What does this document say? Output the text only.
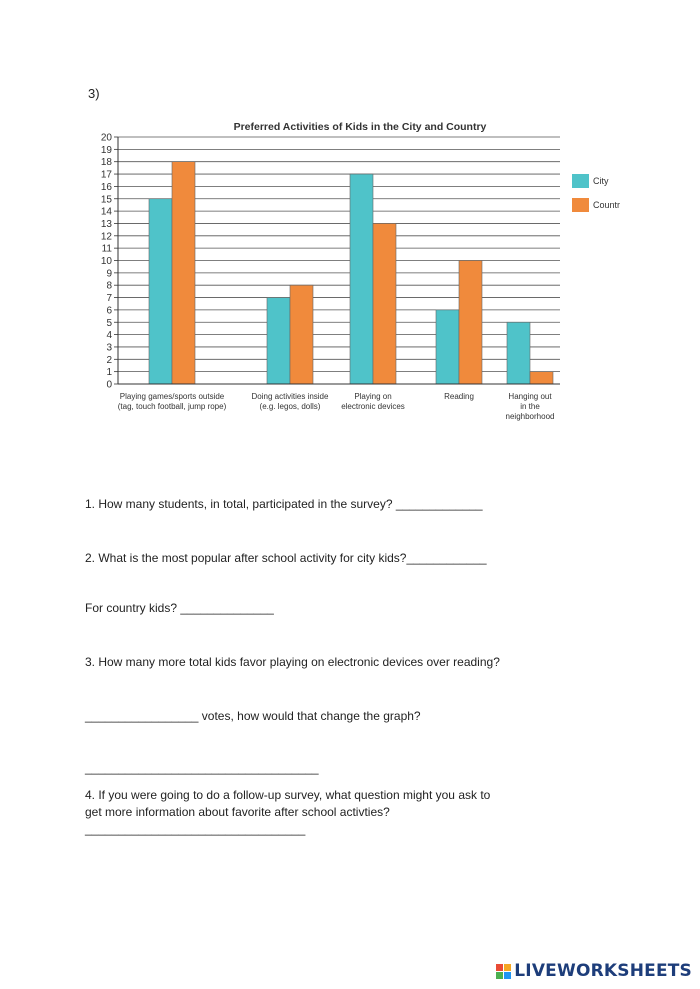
3)
Preferred Activities of Kids in the City and Country
0
1
2
3
4
5
6
7
8
9
10
11
12
13
14
15
16
17
18
19
20
Playing games/sports outside (tag, touch football, jump rope)
Doing activities inside (e.g. legos, dolls)
Playing on electronic devices
Reading	Hanging out in the neighborhood
City
Countr
1. How many students, in total, participated in the survey? _____________
2. What is the most popular after school activity for city kids?____________
For country kids? ______________
3. How many more total kids favor playing on electronic devices over reading?
_________________ votes, how would that change the graph?
___________________________________
4. If you were going to do a follow-up survey, what question might you ask to
get more information about favorite after school activties?
_________________________________
LIVEWORKSHEETS
